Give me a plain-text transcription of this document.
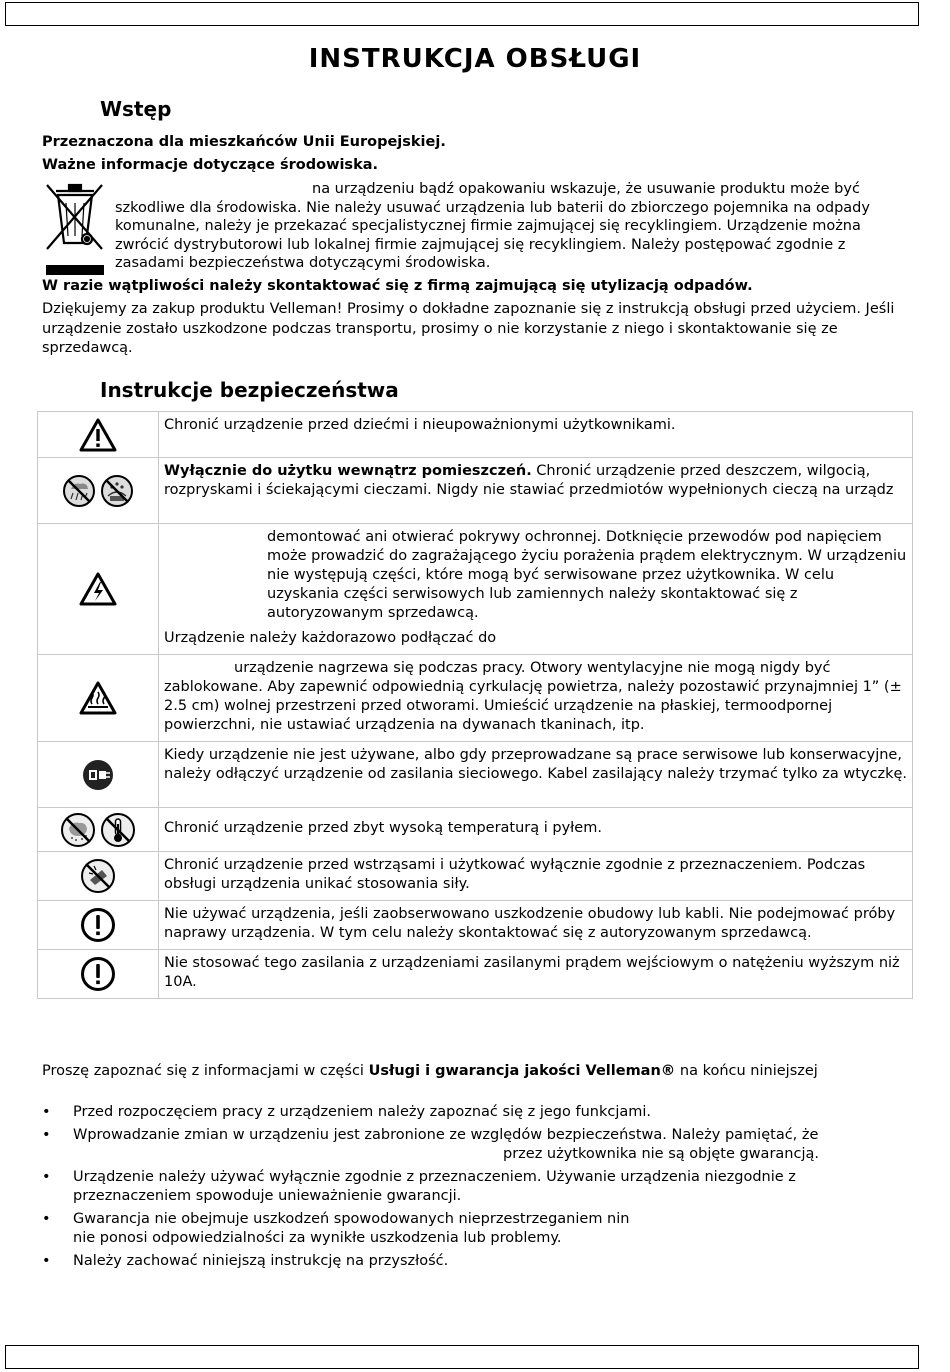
INSTRUKCJA OBSŁUGI
Wstęp
Przeznaczona dla mieszkańców Unii Europejskiej.
Ważne informacje dotyczące środowiska.
na urządzeniu bądź opakowaniu wskazuje, że usuwanie produktu może być
szkodliwe dla środowiska. Nie należy usuwać urządzenia lub baterii do zbiorczego pojemnika na odpady komunalne, należy je przekazać specjalistycznej firmie zajmującej się recyklingiem. Urządzenie można zwrócić dystrybutorowi lub lokalnej firmie zajmującej się recyklingiem. Należy postępować zgodnie z zasadami bezpieczeństwa dotyczącymi środowiska.
W razie wątpliwości należy skontaktować się z firmą zajmującą się utylizacją odpadów.
Dziękujemy za zakup produktu Velleman! Prosimy o dokładne zapoznanie się z instrukcją obsługi przed użyciem. Jeśli urządzenie zostało uszkodzone podczas transportu, prosimy o nie korzystanie z niego i skontaktowanie się ze sprzedawcą.
Instrukcje bezpieczeństwa
	Chronić urządzenie przed dziećmi i nieupoważnionymi użytkownikami.
	Wyłącznie do użytku wewnątrz pomieszczeń. Chronić urządzenie przed deszczem, wilgocią, rozpryskami i ściekającymi cieczami. Nigdy nie stawiać przedmiotów wypełnionych cieczą na urządz

demontować ani otwierać pokrywy ochronnej. Dotknięcie przewodów pod napięciem może prowadzić do zagrażającego życiu porażenia prądem elektrycznym. W urządzeniu nie występują części, które mogą być serwisowane przez użytkownika. W celu uzyskania części serwisowych lub zamiennych należy skontaktować się z autoryzowanym sprzedawcą.
Urządzenie należy każdorazowo podłączać do

	urządzenie nagrzewa się podczas pracy. Otwory wentylacyjne nie mogą nigdy być zablokowane. Aby zapewnić odpowiednią cyrkulację powietrza, należy pozostawić przynajmniej 1” (± 2.5 cm) wolnej przestrzeni przed otworami. Umieścić urządzenie na płaskiej, termoodpornej powierzchni, nie ustawiać urządzenia na dywanach tkaninach, itp.
	Kiedy urządzenie nie jest używane, albo gdy przeprowadzane są prace serwisowe lub konserwacyjne, należy odłączyć urządzenie od zasilania sieciowego. Kabel zasilający należy trzymać tylko za wtyczkę.
	Chronić urządzenie przed zbyt wysoką temperaturą i pyłem.
	Chronić urządzenie przed wstrząsami i użytkować wyłącznie zgodnie z przeznaczeniem. Podczas obsługi urządzenia unikać stosowania siły.
	Nie używać urządzenia, jeśli zaobserwowano uszkodzenie obudowy lub kabli. Nie podejmować próby naprawy urządzenia. W tym celu należy skontaktować się z autoryzowanym sprzedawcą.
	Nie stosować tego zasilania z urządzeniami zasilanymi prądem wejściowym o natężeniu wyższym niż 10A.
Proszę zapoznać się z informacjami w części Usługi i gwarancja jakości Velleman® na końcu niniejszej
• Przed rozpoczęciem pracy z urządzeniem należy zapoznać się z jego funkcjami.
• Wprowadzanie zmian w urządzeniu jest zabronione ze względów bezpieczeństwa. Należy pamiętać, że
przez użytkownika nie są objęte gwarancją.
• Urządzenie należy używać wyłącznie zgodnie z przeznaczeniem. Używanie urządzenia niezgodnie z przeznaczeniem spowoduje unieważnienie gwarancji.
• Gwarancja nie obejmuje uszkodzeń spowodowanych nieprzestrzeganiem nin
nie ponosi odpowiedzialności za wynikłe uszkodzenia lub problemy.
• Należy zachować niniejszą instrukcję na przyszłość.
